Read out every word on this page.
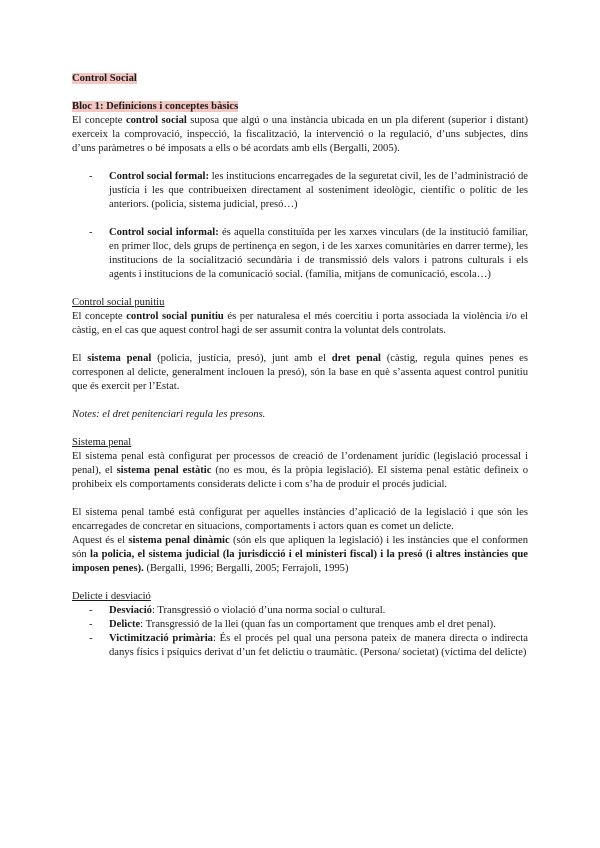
Control Social

Bloc 1: Definicions i conceptes bàsics

El concepte control social suposa que algú o una instància ubicada en un pla diferent (superior i distant) exerceix la comprovació, inspecció, la fiscalització, la intervenció o la regulació, d’uns subjectes, dins d’uns paràmetres o bé imposats a ells o bé acordats amb ells (Bergalli, 2005).

- Control social formal: les institucions encarregades de la seguretat civil, les de l’administració de justícia i les que contribueixen directament al sosteniment ideològic, científic o polític de les anteriors. (policia, sistema judicial, presó…)
- Control social informal: és aquella constituïda per les xarxes vinculars (de la institució familiar, en primer lloc, dels grups de pertinença en segon, i de les xarxes comunitàries en darrer terme), les institucions de la socialització secundària i de transmissió dels valors i patrons culturals i els agents i institucions de la comunicació social. (família, mitjans de comunicació, escola…)

Control social punitiu

El concepte control social punitiu és per naturalesa el més coercitiu i porta associada la violència i/o el càstig, en el cas que aquest control hagi de ser assumit contra la voluntat dels controlats.

El sistema penal (policia, justícia, presó), junt amb el dret penal (càstig, regula quines penes es corresponen al delicte, generalment inclouen la presó), són la base en què s’assenta aquest control punitiu que és exercit per l’Estat.

Notes: el dret penitenciari regula les presons.

Sistema penal

El sistema penal està configurat per processos de creació de l’ordenament jurídic (legislació processal i penal), el sistema penal estàtic (no es mou, és la pròpia legislació). El sistema penal estàtic defineix o prohibeix els comportaments considerats delicte i com s’ha de produir el procés judicial.

El sistema penal també està configurat per aquelles instàncies d’aplicació de la legislació i que són les encarregades de concretar en situacions, comportaments i actors quan es comet un delicte.

Aquest és el sistema penal dinàmic (són els que apliquen la legislació) i les instàncies que el conformen són la policia, el sistema judicial (la jurisdicció i el ministeri fiscal) i la presó (i altres instàncies que imposen penes). (Bergalli, 1996; Bergalli, 2005; Ferrajoli, 1995)

Delicte i desviació

- Desviació: Transgressió o violació d’una norma social o cultural.
- Delicte: Transgressió de la llei (quan fas un comportament que trenques amb el dret penal).
- Victimització primària: És el procés pel qual una persona pateix de manera directa o indirecta danys físics i psíquics derivat d’un fet delictiu o traumàtic. (Persona/ societat) (víctima del delicte)
